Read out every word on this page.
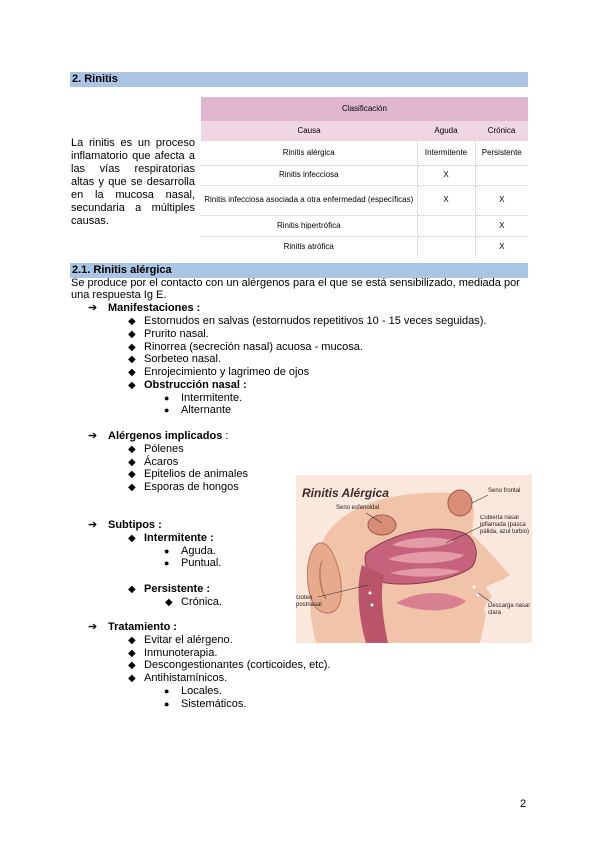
2. Rinitis
La rinitis es un proceso inflamatorio que afecta a las vías respiratorias altas y que se desarrolla en la mucosa nasal, secundaria a múltiples causas.
Clasificación		
Causa	Aguda	Crónica
Rinitis alérgica	Intermitente	Persistente
Rinitis infecciosa	X	
Rinitis infecciosa asociada a otra enfermedad (específicas)	X	X
Rinitis hipertrófica		X
Rinitis atrófica		X
2.1. Rinitis alérgica
Se produce por el contacto con un alérgenos para el que se está sensibilizado, mediada por una respuesta Ig E.
➔ Manifestaciones :
◆ Estornudos en salvas (estornudos repetitivos 10 - 15 veces seguidas).
◆ Prurito nasal.
◆ Rinorrea (secreción nasal) acuosa - mucosa.
◆ Sorbeteo nasal.
◆ Enrojecimiento y lagrimeo de ojos
◆ Obstrucción nasal :
● Intermitente.
● Alternante
➔ Alérgenos implicados :
◆ Pólenes
◆ Ácaros
◆ Epitelios de animales
◆ Esporas de hongos
➔ Subtipos :
◆ Intermitente :
● Aguda.
● Puntual.
◆ Persistente :
◆ Crónica.
➔ Tratamiento :
◆ Evitar el alérgeno.
◆ Inmunoterapia.
◆ Descongestionantes (corticoides, etc).
◆ Antihistamínicos.
● Locales.
● Sistemáticos.
Rinitis Alérgica	Seno frontal
Seno esfenoidal
Cubierta nasal inflamada (pasca pálida, azul turbio)
Goteo postnasal	Descarga nasal clara
2
